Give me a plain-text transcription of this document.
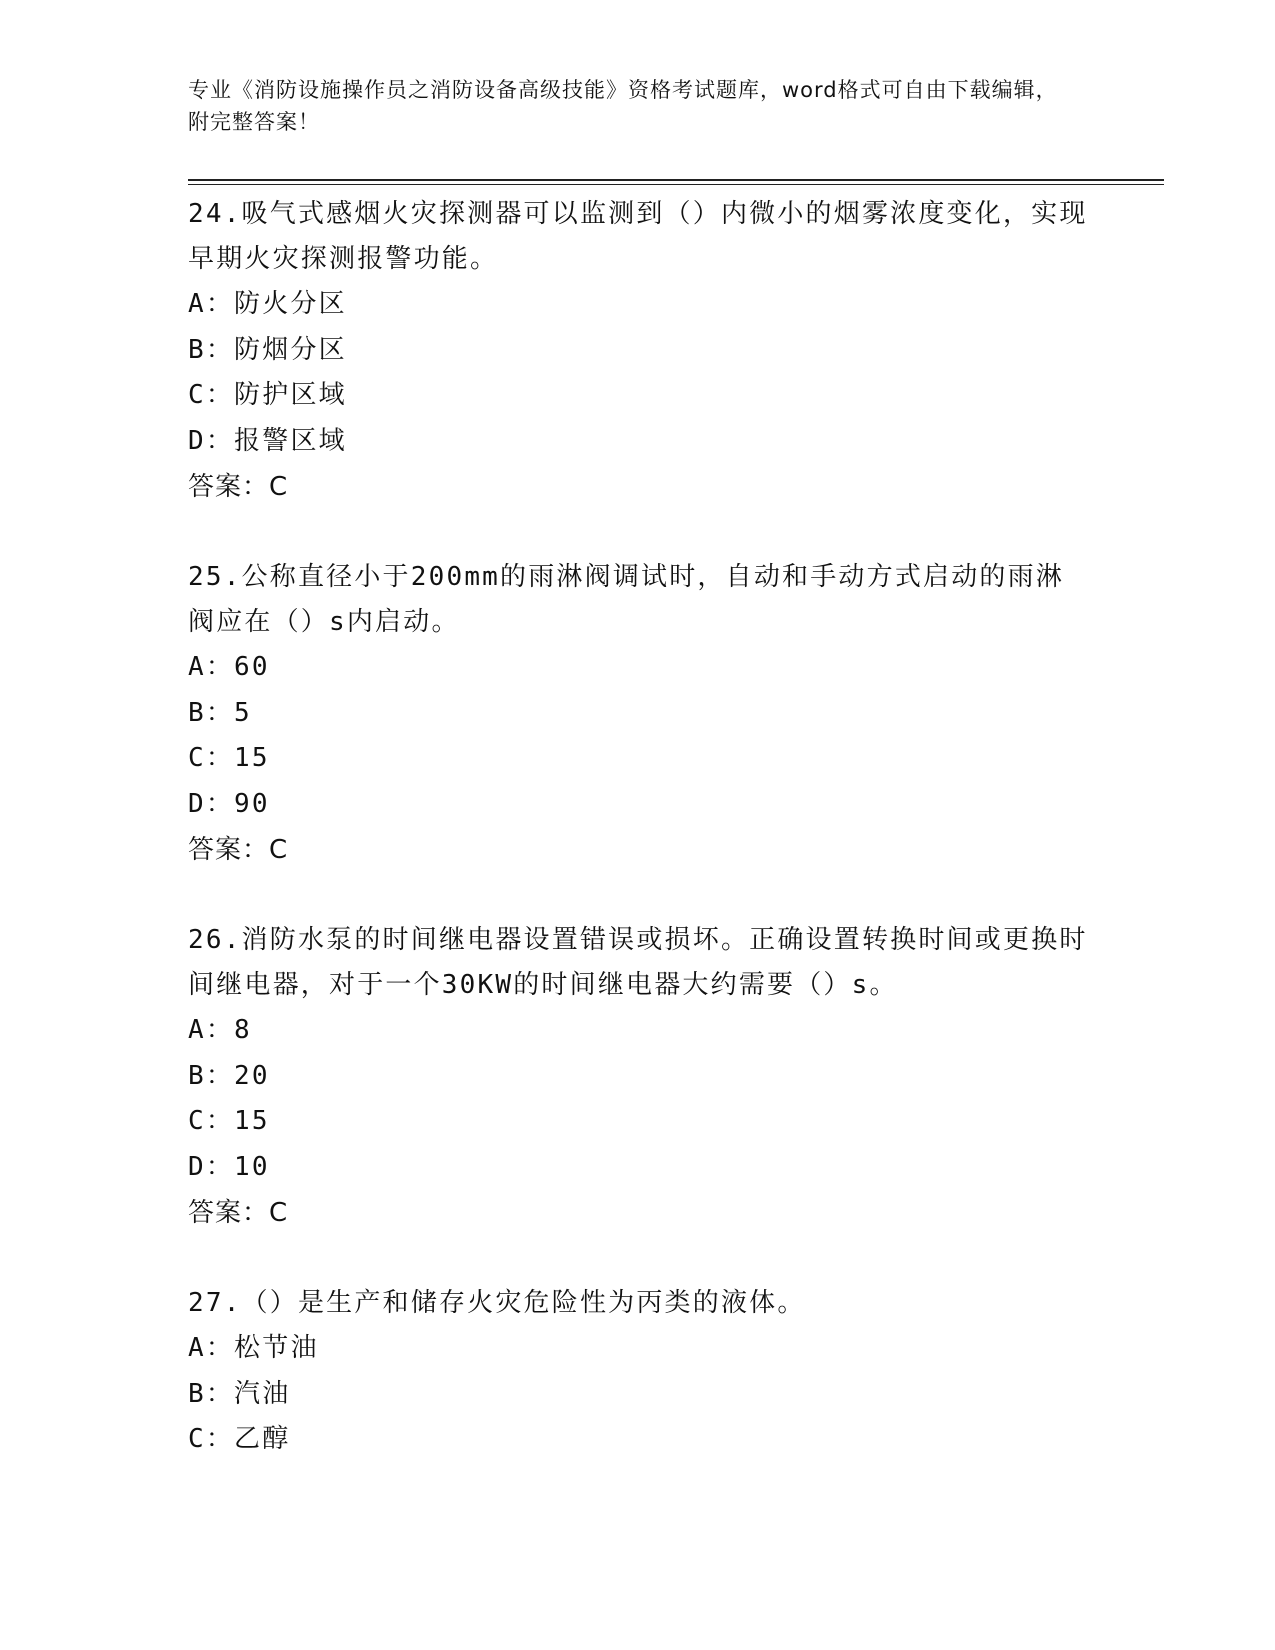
专业《消防设施操作员之消防设备高级技能》资格考试题库，word格式可自由下载编辑，附完整答案！
24.吸气式感烟火灾探测器可以监测到（）内微小的烟雾浓度变化，实现早期火灾探测报警功能。
A：防火分区
B：防烟分区
C：防护区域
D：报警区域
答案：C
25.公称直径小于200mm的雨淋阀调试时，自动和手动方式启动的雨淋阀应在（）s内启动。
A：60
B：5
C：15
D：90
答案：C
26.消防水泵的时间继电器设置错误或损坏。正确设置转换时间或更换时间继电器，对于一个30KW的时间继电器大约需要（）s。
A：8
B：20
C：15
D：10
答案：C
27.（）是生产和储存火灾危险性为丙类的液体。
A：松节油
B：汽油
C：乙醇
